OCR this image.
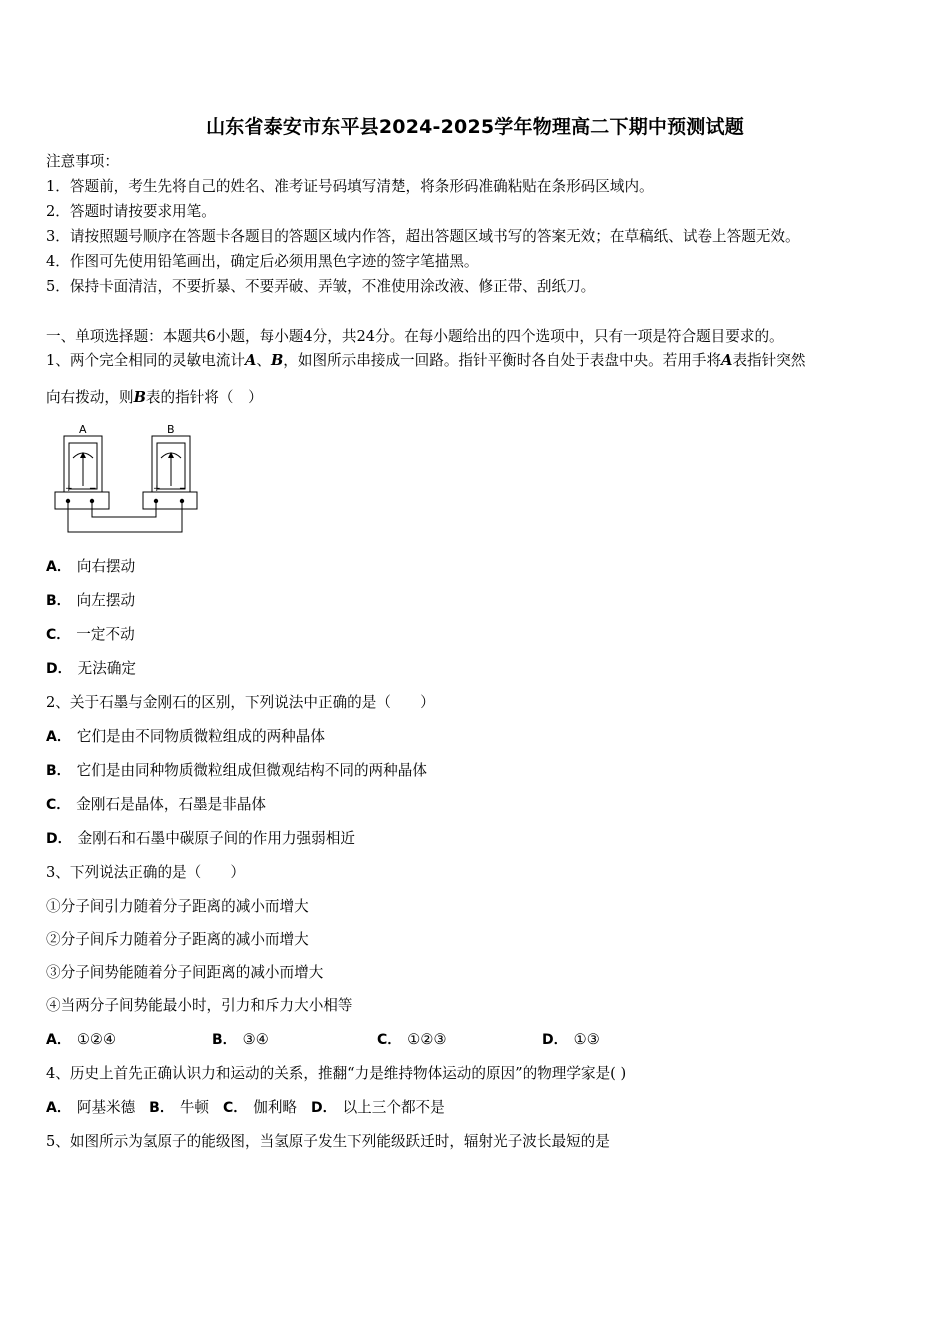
山东省泰安市东平县2024-2025学年物理高二下期中预测试题
注意事项：
1．答题前，考生先将自己的姓名、准考证号码填写清楚，将条形码准确粘贴在条形码区域内。
2．答题时请按要求用笔。
3．请按照题号顺序在答题卡各题目的答题区域内作答，超出答题区域书写的答案无效；在草稿纸、试卷上答题无效。
4．作图可先使用铅笔画出，确定后必须用黑色字迹的签字笔描黑。
5．保持卡面清洁，不要折暴、不要弄破、弄皱，不准使用涂改液、修正带、刮纸刀。
一、单项选择题：本题共6小题，每小题4分，共24分。在每小题给出的四个选项中，只有一项是符合题目要求的。
1、两个完全相同的灵敏电流计A、B，如图所示串接成一回路。指针平衡时各自处于表盘中央。若用手将A表指针突然
向右拨动，则B表的指针将（　）
A	B
+ −	+ −
A． 向右摆动
B． 向左摆动
C． 一定不动
D． 无法确定
2、关于石墨与金刚石的区别，下列说法中正确的是（　　）
A． 它们是由不同物质微粒组成的两种晶体
B． 它们是由同种物质微粒组成但微观结构不同的两种晶体
C． 金刚石是晶体，石墨是非晶体
D． 金刚石和石墨中碳原子间的作用力强弱相近
3、下列说法正确的是（　　）
①分子间引力随着分子距离的减小而增大
②分子间斥力随着分子距离的减小而增大
③分子间势能随着分子间距离的减小而增大
④当两分子间势能最小时，引力和斥力大小相等
A． ①②④	B． ③④	C． ①②③	D． ①③
4、历史上首先正确认识力和运动的关系，推翻“力是维持物体运动的原因”的物理学家是( )
A． 阿基米德 B． 牛顿 C． 伽利略 D． 以上三个都不是
5、如图所示为氢原子的能级图，当氢原子发生下列能级跃迁时，辐射光子波长最短的是
